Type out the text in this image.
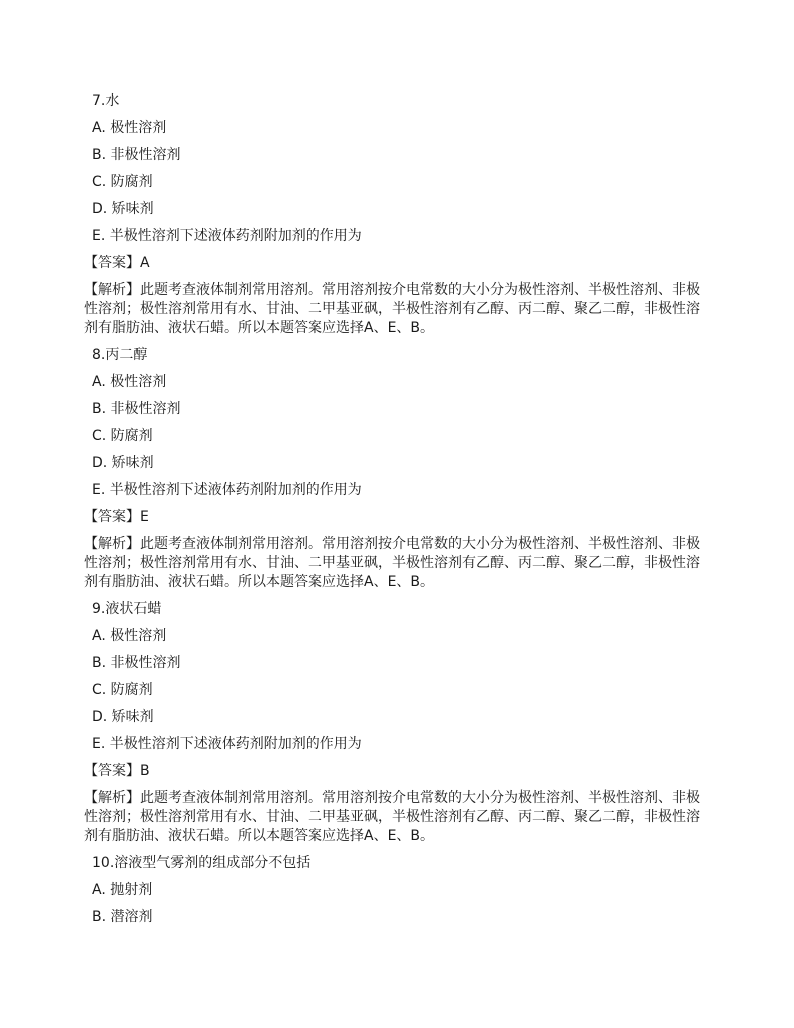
7.水
A. 极性溶剂
B. 非极性溶剂
C. 防腐剂
D. 矫味剂
E. 半极性溶剂下述液体药剂附加剂的作用为
【答案】A
【解析】此题考查液体制剂常用溶剂。常用溶剂按介电常数的大小分为极性溶剂、半极性溶剂、非极性溶剂；极性溶剂常用有水、甘油、二甲基亚砜，半极性溶剂有乙醇、丙二醇、聚乙二醇，非极性溶剂有脂肪油、液状石蜡。所以本题答案应选择A、E、B。
8.丙二醇
A. 极性溶剂
B. 非极性溶剂
C. 防腐剂
D. 矫味剂
E. 半极性溶剂下述液体药剂附加剂的作用为
【答案】E
【解析】此题考查液体制剂常用溶剂。常用溶剂按介电常数的大小分为极性溶剂、半极性溶剂、非极性溶剂；极性溶剂常用有水、甘油、二甲基亚砜，半极性溶剂有乙醇、丙二醇、聚乙二醇，非极性溶剂有脂肪油、液状石蜡。所以本题答案应选择A、E、B。
9.液状石蜡
A. 极性溶剂
B. 非极性溶剂
C. 防腐剂
D. 矫味剂
E. 半极性溶剂下述液体药剂附加剂的作用为
【答案】B
【解析】此题考查液体制剂常用溶剂。常用溶剂按介电常数的大小分为极性溶剂、半极性溶剂、非极性溶剂；极性溶剂常用有水、甘油、二甲基亚砜，半极性溶剂有乙醇、丙二醇、聚乙二醇，非极性溶剂有脂肪油、液状石蜡。所以本题答案应选择A、E、B。
10.溶液型气雾剂的组成部分不包括
A. 抛射剂
B. 潜溶剂
